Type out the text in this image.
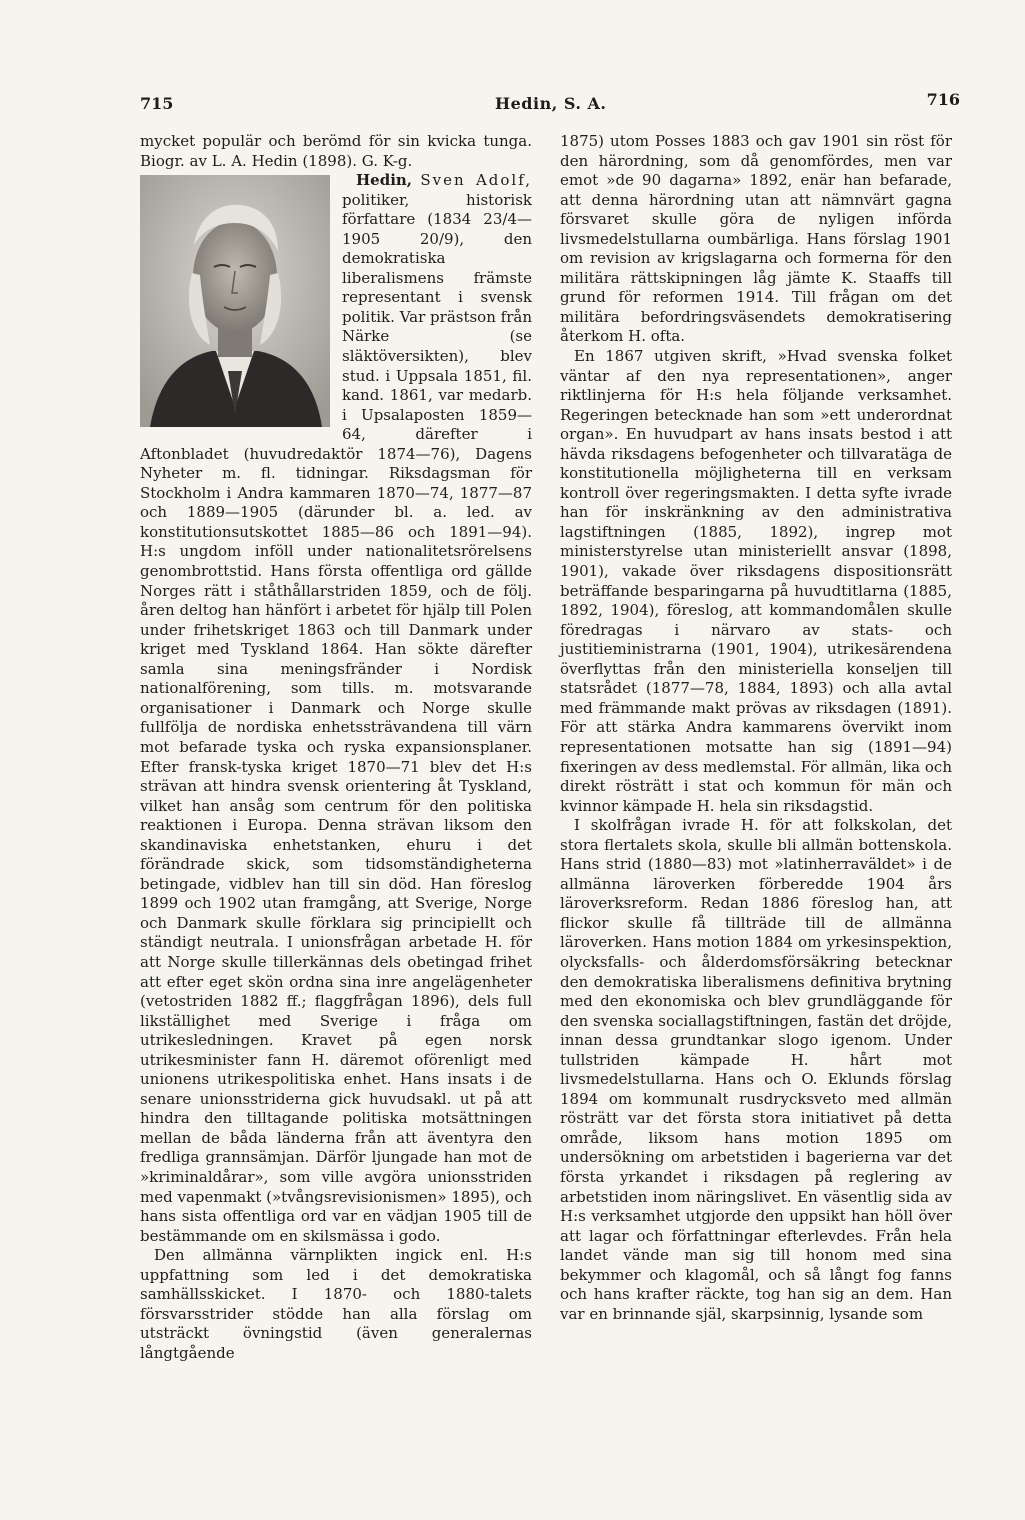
715	Hedin, S. A.	716

mycket populär och berömd för sin kvicka tunga. Biogr. av L. A. Hedin (1898). G. K-g.

Hedin, Sven Adolf,
politiker, historisk författare (1834 23/4—1905 20/9), den demokratiska liberalismens främste representant i svensk politik. Var prästson från Närke (se släktöversikten), blev stud. i Uppsala 1851, fil. kand. 1861, var medarb. i Upsalaposten 1859—64, därefter i Aftonbladet (huvudredaktör 1874—76), Dagens Nyheter m. fl. tidningar. Riksdagsman för Stockholm i Andra kammaren 1870—74, 1877—87 och 1889—1905 (därunder bl. a. led. av konstitutionsutskottet 1885—86 och 1891—94). H:s ungdom inföll under nationalitetsrörelsens genombrottstid. Hans första offentliga ord gällde Norges rätt i ståthållarstriden 1859, och de följ. åren deltog han hänfört i arbetet för hjälp till Polen under frihetskriget 1863 och till Danmark under kriget med Tyskland 1864. Han sökte därefter samla sina meningsfränder i Nordisk nationalförening, som tills. m. motsvarande organisationer i Danmark och Norge skulle fullfölja de nordiska enhetssträvandena till värn mot befarade tyska och ryska expansionsplaner. Efter fransk-tyska kriget 1870—71 blev det H:s strävan att hindra svensk orientering åt Tyskland, vilket han ansåg som centrum för den politiska reaktionen i Europa. Denna strävan liksom den skandinaviska enhetstanken, ehuru i det förändrade skick, som tidsomständigheterna betingade, vidblev han till sin död. Han föreslog 1899 och 1902 utan framgång, att Sverige, Norge och Danmark skulle förklara sig principiellt och ständigt neutrala. I unionsfrågan arbetade H. för att Norge skulle tillerkännas dels obetingad frihet att efter eget skön ordna sina inre angelägenheter (vetostriden 1882 ff.; flaggfrågan 1896), dels full likställighet med Sverige i fråga om utrikesledningen. Kravet på egen norsk utrikesminister fann H. däremot oförenligt med unionens utrikespolitiska enhet. Hans insats i de senare unionsstriderna gick huvudsakl. ut på att hindra den tilltagande politiska motsättningen mellan de båda länderna från att äventyra den fredliga grannsämjan. Därför ljungade han mot de »kriminaldårar», som ville avgöra unionsstriden med vapenmakt (»tvångsrevisionismen» 1895), och hans sista offentliga ord var en vädjan 1905 till de bestämmande om en skilsmässa i godo.

Den allmänna värnplikten ingick enl. H:s uppfattning som led i det demokratiska samhällsskicket. I 1870- och 1880-talets försvarsstrider stödde han alla förslag om utsträckt övningstid (även generalernas långtgående

1875) utom Posses 1883 och gav 1901 sin röst för den härordning, som då genomfördes, men var emot »de 90 dagarna» 1892, enär han befarade, att denna härordning utan att nämnvärt gagna försvaret skulle göra de nyligen införda livsmedelstullarna oumbärliga. Hans förslag 1901 om revision av krigslagarna och formerna för den militära rättskipningen låg jämte K. Staaffs till grund för reformen 1914. Till frågan om det militära befordringsväsendets demokratisering återkom H. ofta.

En 1867 utgiven skrift, »Hvad svenska folket väntar af den nya representationen», anger riktlinjerna för H:s hela följande verksamhet. Regeringen betecknade han som »ett underordnat organ». En huvudpart av hans insats bestod i att hävda riksdagens befogenheter och tillvaratäga de konstitutionella möjligheterna till en verksam kontroll över regeringsmakten. I detta syfte ivrade han för inskränkning av den administrativa lagstiftningen (1885, 1892), ingrep mot ministerstyrelse utan ministeriellt ansvar (1898, 1901), vakade över riksdagens dispositionsrätt beträffande besparingarna på huvudtitlarna (1885, 1892, 1904), föreslog, att kommandomålen skulle föredragas i närvaro av stats- och justitieministrarna (1901, 1904), utrikesärendena överflyttas från den ministeriella konseljen till statsrådet (1877—78, 1884, 1893) och alla avtal med främmande makt prövas av riksdagen (1891). För att stärka Andra kammarens övervikt inom representationen motsatte han sig (1891—94) fixeringen av dess medlemstal. För allmän, lika och direkt rösträtt i stat och kommun för män och kvinnor kämpade H. hela sin riksdagstid.

I skolfrågan ivrade H. för att folkskolan, det stora flertalets skola, skulle bli allmän bottenskola. Hans strid (1880—83) mot »latinherraväldet» i de allmänna läroverken förberedde 1904 års läroverksreform. Redan 1886 föreslog han, att flickor skulle få tillträde till de allmänna läroverken. Hans motion 1884 om yrkesinspektion, olycksfalls- och ålderdomsförsäkring betecknar den demokratiska liberalismens definitiva brytning med den ekonomiska och blev grundläggande för den svenska sociallagstiftningen, fastän det dröjde, innan dessa grundtankar slogo igenom. Under tullstriden kämpade H. hårt mot livsmedelstullarna. Hans och O. Eklunds förslag 1894 om kommunalt rusdrycksveto med allmän rösträtt var det första stora initiativet på detta område, liksom hans motion 1895 om undersökning om arbetstiden i bagerierna var det första yrkandet i riksdagen på reglering av arbetstiden inom näringslivet. En väsentlig sida av H:s verksamhet utgjorde den uppsikt han höll över att lagar och författningar efterlevdes. Från hela landet vände man sig till honom med sina bekymmer och klagomål, och så långt fog fanns och hans krafter räckte, tog han sig an dem. Han var en brinnande själ, skarpsinnig, lysande som
